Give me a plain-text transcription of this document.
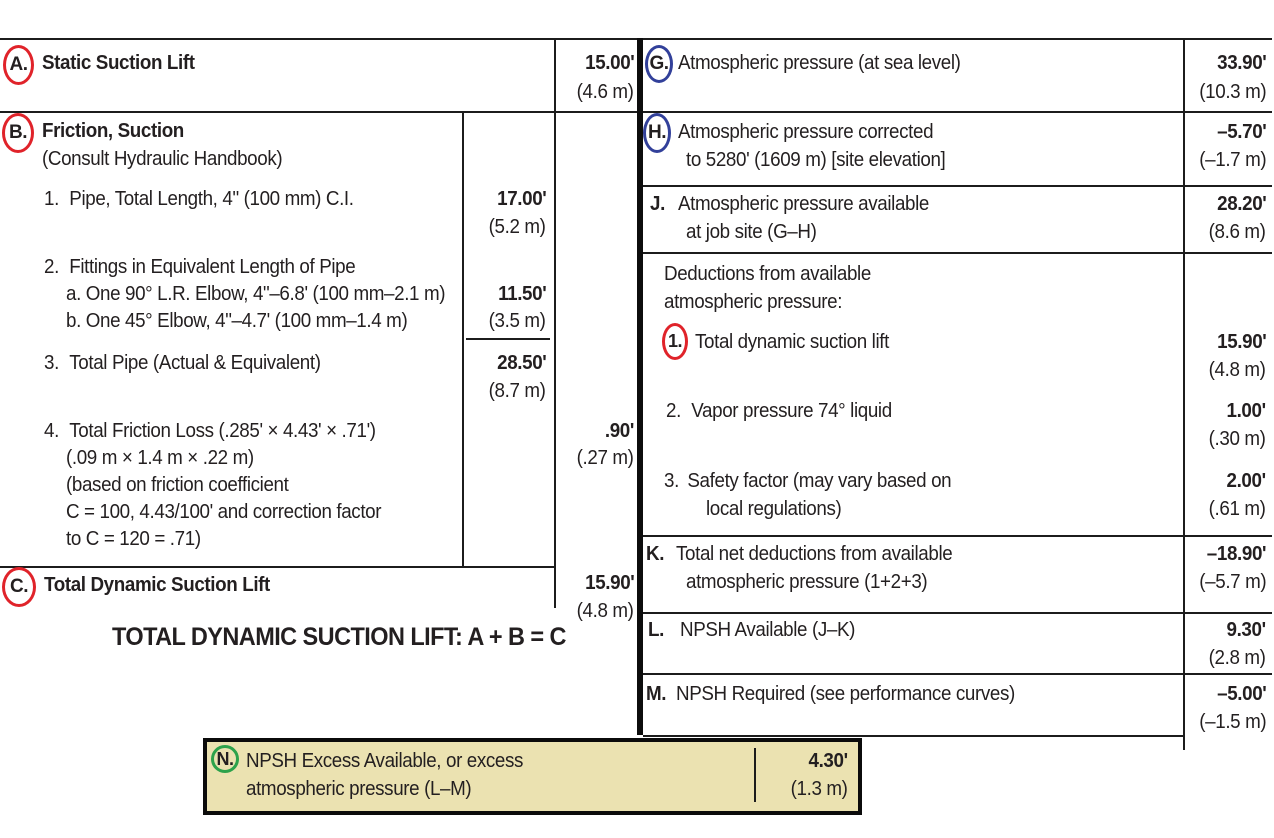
A. Static Suction Lift	15.00'
(4.6 m)
B. Friction, Suction
(Consult Hydraulic Handbook)
1. Pipe, Total Length, 4" (100 mm) C.I.	17.00'
(5.2 m)
2. Fittings in Equivalent Length of Pipe
a. One 90° L.R. Elbow, 4"–6.8' (100 mm–2.1 m)
b. One 45° Elbow, 4"–4.7' (100 mm–1.4 m)
11.50'
(3.5 m)
3. Total Pipe (Actual & Equivalent)	28.50'
(8.7 m)
4. Total Friction Loss (.285' × 4.43' × .71')
(.09 m × 1.4 m × .22 m)
(based on friction coefficient
C = 100, 4.43/100' and correction factor
to C = 120 = .71)
.90'
(.27 m)
C. Total Dynamic Suction Lift	15.90'
(4.8 m)
TOTAL DYNAMIC SUCTION LIFT: A + B = C
G. Atmospheric pressure (at sea level)	33.90'
(10.3 m)
H. Atmospheric pressure corrected
to 5280' (1609 m) [site elevation]
–5.70'
(–1.7 m)
J. Atmospheric pressure available
at job site (G–H)
28.20'
(8.6 m)
Deductions from available
atmospheric pressure:
1. Total dynamic suction lift	15.90'
(4.8 m)
2. Vapor pressure 74° liquid	1.00'
(.30 m)
3. Safety factor (may vary based on
local regulations)
2.00'
(.61 m)
K. Total net deductions from available
atmospheric pressure (1+2+3)
–18.90'
(–5.7 m)
L. NPSH Available (J–K)	9.30'
(2.8 m)
M. NPSH Required (see performance curves)	–5.00'
(–1.5 m)
N. NPSH Excess Available, or excess
atmospheric pressure (L–M)
4.30'
(1.3 m)
